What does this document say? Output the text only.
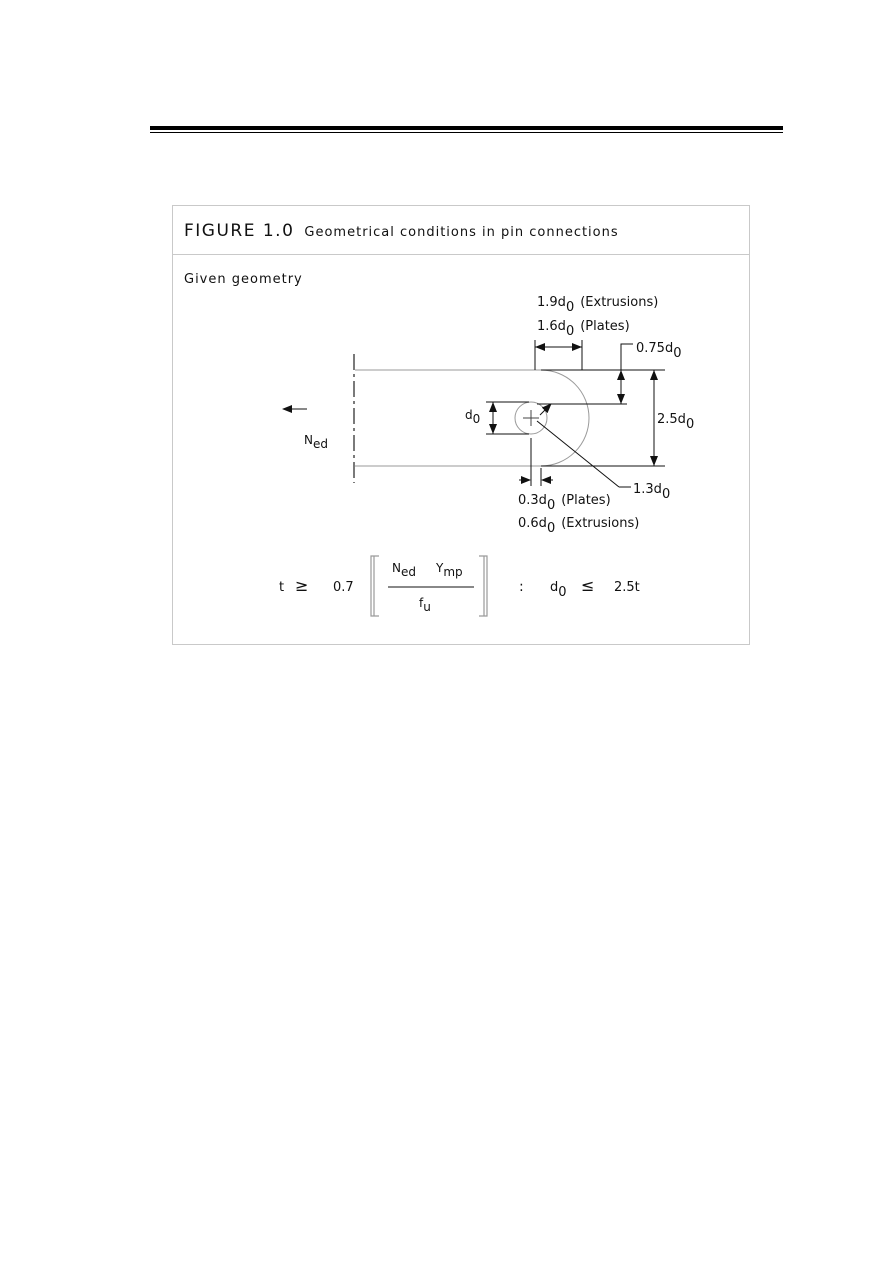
FIGURE 1.0 Geometrical conditions in pin connections
Given geometry
Ned
d0
1.9d0 (Extrusions)
1.6d0 (Plates)
0.75d0
2.5d0
1.3d0
0.3d0 (Plates)
0.6d0 (Extrusions)
t ≥ 0.7
Ned Ymp
fu
: d0 ≤ 2.5t
